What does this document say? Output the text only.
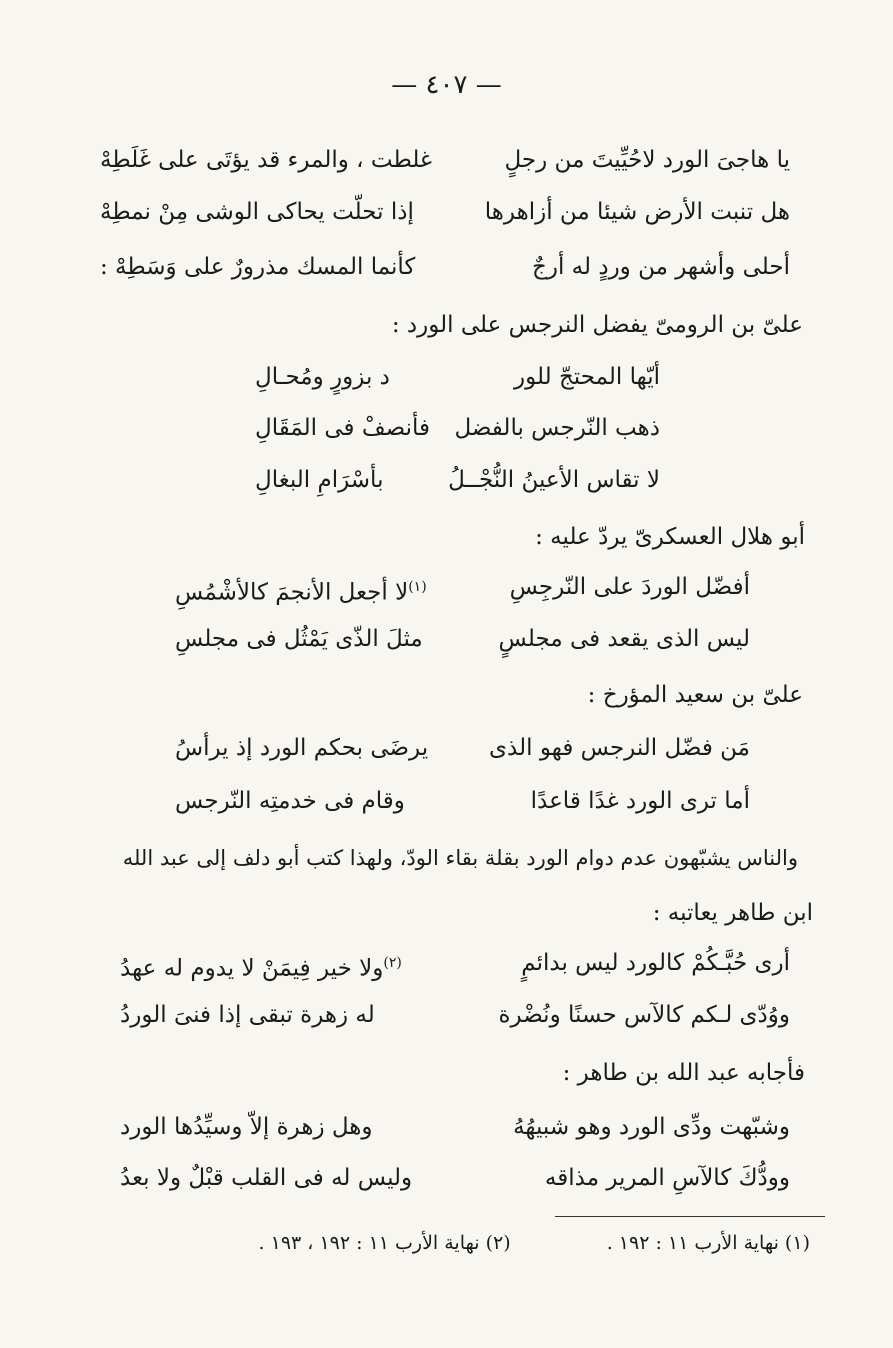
— ٤٠٧ —
يا هاجىَ الورد لاحُيِّيتَ من رجلٍ
غلطت ، والمرء قد يؤتَى على غَلَطِهْ
هل تنبت الأرض شيئا من أزاهرها
إذا تحلّت يحاكى الوشى مِنْ نمطِهْ
أحلى وأشهر من وردٍ له أرجٌ
كأنما المسك مذرورٌ على وَسَطِهْ :
علىّ بن الرومىّ يفضل النرجس على الورد :
أيّها المحتجّ للور
د بزورٍ ومُحـالِ
ذهب النّرجس بالفضل
فأنصفْ فى المَقَالِ
لا تقاس الأعينُ النُّجْــلُ
بأسْرَامِ البغالِ
أبو هلال العسكرىّ يردّ عليه :
أفضّل الوردَ على النّرجِسِ
$^{(١)}$لا أجعل الأنجمَ كالأشْمُسِ
ليس الذى يقعد فى مجلسٍ
مثلَ الذّى يَمْثُل فى مجلسِ
علىّ بن سعيد المؤرخ :
مَن فضّل النرجس فهو الذى
يرضَى بحكم الورد إذ يرأسُ
أما ترى الورد غدًا قاعدًا
وقام فى خدمتِه النّرجس
والناس يشبّهون عدم دوام الورد بقلة بقاء الودّ، ولهذا كتب أبو دلف إلى عبد الله
ابن طاهر يعاتبه :
أرى حُبَّـكُمْ كالورد ليس بدائمٍ
$^{(٢)}$ولا خير فِيمَنْ لا يدوم له عهدُ
ووُدّى لـكم كالآس حسنًا ونُضْرة
له زهرة تبقى إذا فنىَ الوردُ
فأجابه عبد الله بن طاهر :
وشبّهت ودِّى الورد وهو شبيهُهُ
وهل زهرة إلاّ وسيِّدُها الورد
وودُّكَ كالآسِ المرير مذاقه
وليس له فى القلب قبْلٌ ولا بعدُ
(١) نهاية الأرب ١١ : ١٩٢ . (٢) نهاية الأرب ١١ : ١٩٢ ، ١٩٣ .
